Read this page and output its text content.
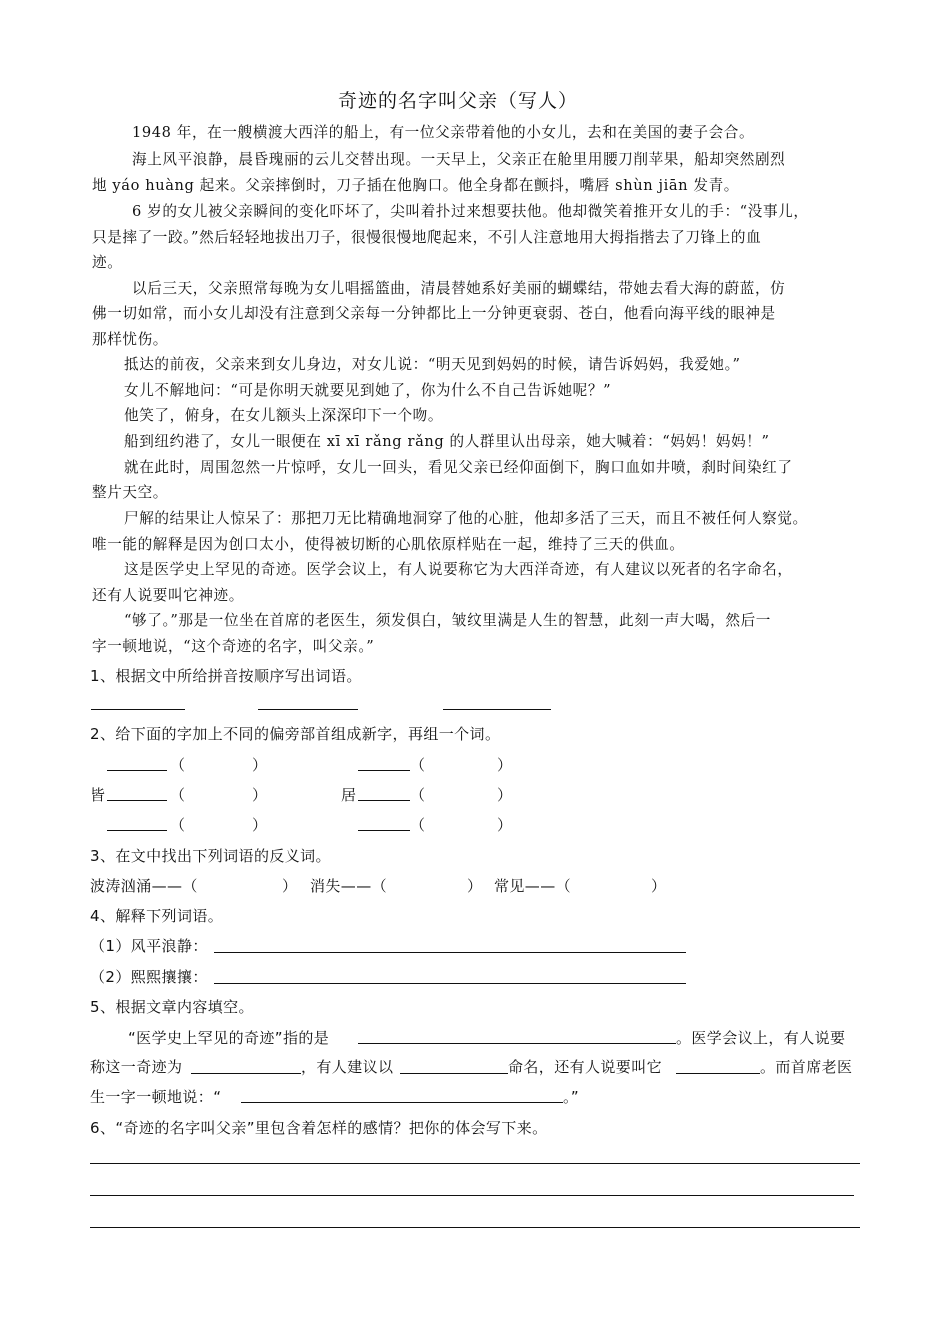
奇迹的名字叫父亲（写人）
1948 年，在一艘横渡大西洋的船上，有一位父亲带着他的小女儿，去和在美国的妻子会合。
海上风平浪静，晨昏瑰丽的云儿交替出现。一天早上，父亲正在舱里用腰刀削苹果，船却突然剧烈
地 yáo huàng 起来。父亲摔倒时，刀子插在他胸口。他全身都在颤抖，嘴唇 shùn jiān 发青。
6 岁的女儿被父亲瞬间的变化吓坏了，尖叫着扑过来想要扶他。他却微笑着推开女儿的手：“没事儿，
只是摔了一跤。”然后轻轻地拔出刀子，很慢很慢地爬起来，不引人注意地用大拇指揩去了刀锋上的血
迹。
以后三天，父亲照常每晚为女儿唱摇篮曲，清晨替她系好美丽的蝴蝶结，带她去看大海的蔚蓝，仿
佛一切如常，而小女儿却没有注意到父亲每一分钟都比上一分钟更衰弱、苍白，他看向海平线的眼神是
那样忧伤。
抵达的前夜，父亲来到女儿身边，对女儿说：“明天见到妈妈的时候，请告诉妈妈，我爱她。”
女儿不解地问：“可是你明天就要见到她了，你为什么不自己告诉她呢？”
他笑了，俯身，在女儿额头上深深印下一个吻。
船到纽约港了，女儿一眼便在 xī xī rǎng rǎng 的人群里认出母亲，她大喊着：“妈妈！妈妈！”
就在此时，周围忽然一片惊呼，女儿一回头，看见父亲已经仰面倒下，胸口血如井喷，刹时间染红了
整片天空。
尸解的结果让人惊呆了：那把刀无比精确地洞穿了他的心脏，他却多活了三天，而且不被任何人察觉。
唯一能的解释是因为创口太小，使得被切断的心肌依原样贴在一起，维持了三天的供血。
这是医学史上罕见的奇迹。医学会议上，有人说要称它为大西洋奇迹，有人建议以死者的名字命名，
还有人说要叫它神迹。
“够了。”那是一位坐在首席的老医生，须发俱白，皱纹里满是人生的智慧，此刻一声大喝，然后一
字一顿地说，“这个奇迹的名字，叫父亲。”
1、根据文中所给拼音按顺序写出词语。
2、给下面的字加上不同的偏旁部首组成新字，再组一个词。
（	）	（	）
皆	（	）	居	（	）
（	）	（	）
3、在文中找出下列词语的反义词。
波涛汹涌——（	） 消失——（	） 常见——（	）
4、解释下列词语。
（1）风平浪静：
（2）熙熙攘攘：
5、根据文章内容填空。
“医学史上罕见的奇迹”指的是	。医学会议上，有人说要
称这一奇迹为	，有人建议以	命名，还有人说要叫它	。而首席老医
生一字一顿地说：“	。”
6、“奇迹的名字叫父亲”里包含着怎样的感情？把你的体会写下来。
